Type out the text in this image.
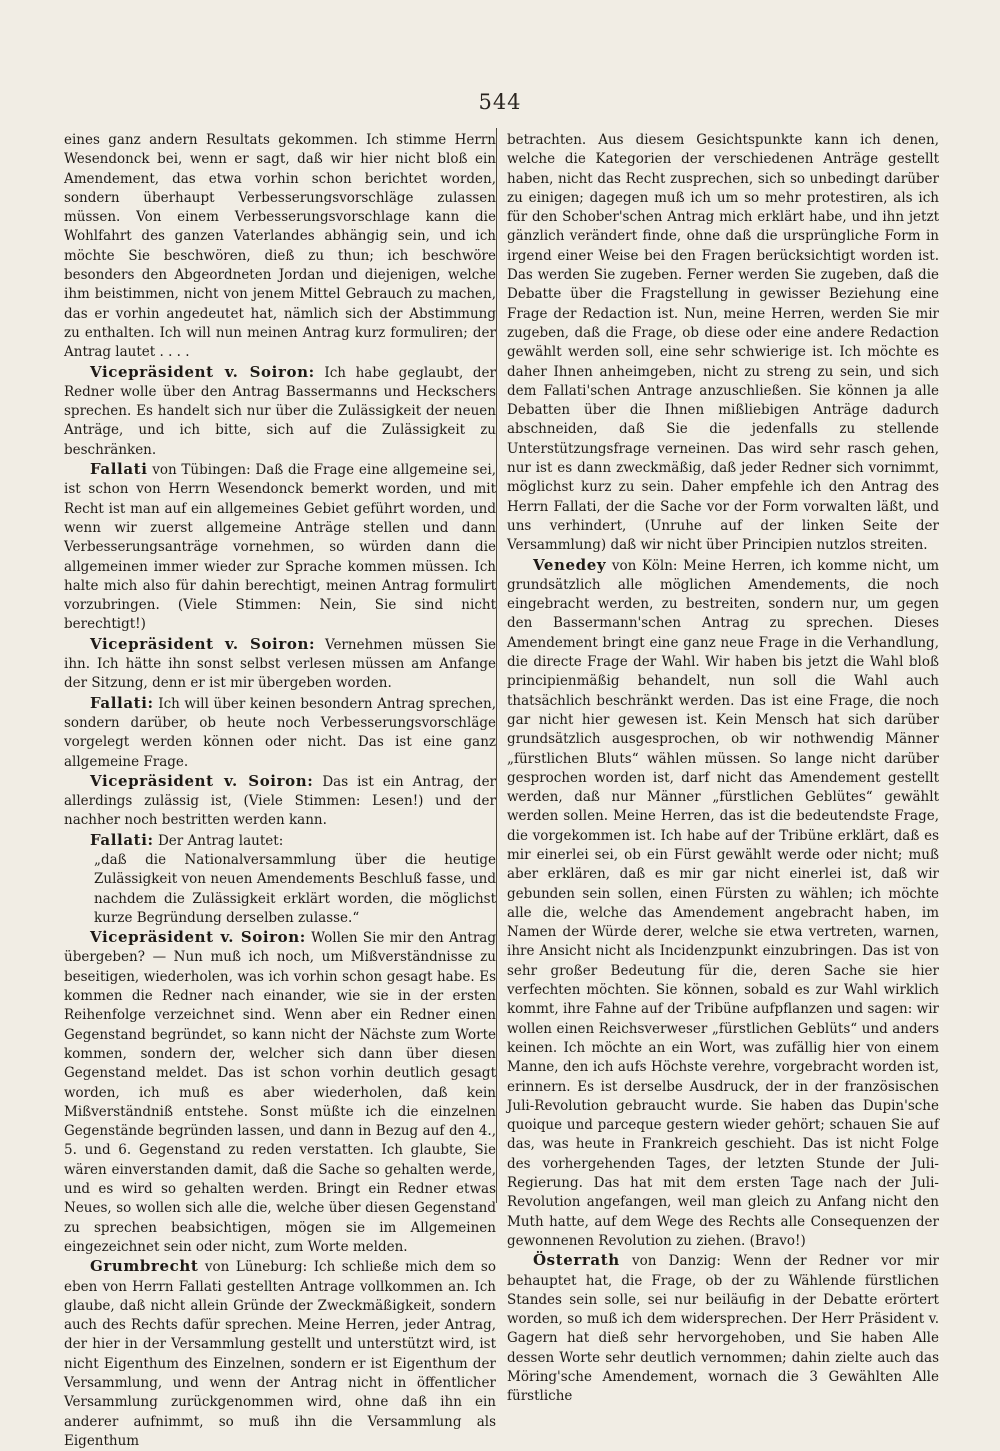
544

eines ganz andern Resultats gekommen. Ich stimme Herrn Wesendonck bei, wenn er sagt, daß wir hier nicht bloß ein Amendement, das etwa vorhin schon berichtet worden, sondern überhaupt Verbesserungsvorschläge zulassen müssen. Von einem Verbesserungsvorschlage kann die Wohlfahrt des ganzen Vaterlandes abhängig sein, und ich möchte Sie beschwören, dieß zu thun; ich beschwöre besonders den Abgeordneten Jordan und diejenigen, welche ihm beistimmen, nicht von jenem Mittel Gebrauch zu machen, das er vorhin angedeutet hat, nämlich sich der Abstimmung zu enthalten. Ich will nun meinen Antrag kurz formuliren; der Antrag lautet . . . .

Vicepräsident v. Soiron: Ich habe geglaubt, der Redner wolle über den Antrag Bassermanns und Heckschers sprechen. Es handelt sich nur über die Zulässigkeit der neuen Anträge, und ich bitte, sich auf die Zulässigkeit zu beschränken.

Fallati von Tübingen: Daß die Frage eine allgemeine sei, ist schon von Herrn Wesendonck bemerkt worden, und mit Recht ist man auf ein allgemeines Gebiet geführt worden, und wenn wir zuerst allgemeine Anträge stellen und dann Verbesserungsanträge vornehmen, so würden dann die allgemeinen immer wieder zur Sprache kommen müssen. Ich halte mich also für dahin berechtigt, meinen Antrag formulirt vorzubringen. (Viele Stimmen: Nein, Sie sind nicht berechtigt!)

Vicepräsident v. Soiron: Vernehmen müssen Sie ihn. Ich hätte ihn sonst selbst verlesen müssen am Anfange der Sitzung, denn er ist mir übergeben worden.

Fallati: Ich will über keinen besondern Antrag sprechen, sondern darüber, ob heute noch Verbesserungsvorschläge vorgelegt werden können oder nicht. Das ist eine ganz allgemeine Frage.

Vicepräsident v. Soiron: Das ist ein Antrag, der allerdings zulässig ist, (Viele Stimmen: Lesen!) und der nachher noch bestritten werden kann.

Fallati: Der Antrag lautet:

„daß die Nationalversammlung über die heutige Zulässigkeit von neuen Amendements Beschluß fasse, und nachdem die Zulässigkeit erklärt worden, die möglichst kurze Begründung derselben zulasse.“

Vicepräsident v. Soiron: Wollen Sie mir den Antrag übergeben? — Nun muß ich noch, um Mißverständnisse zu beseitigen, wiederholen, was ich vorhin schon gesagt habe. Es kommen die Redner nach einander, wie sie in der ersten Reihenfolge verzeichnet sind. Wenn aber ein Redner einen Gegenstand begründet, so kann nicht der Nächste zum Worte kommen, sondern der, welcher sich dann über diesen Gegenstand meldet. Das ist schon vorhin deutlich gesagt worden, ich muß es aber wiederholen, daß kein Mißverständniß entstehe. Sonst müßte ich die einzelnen Gegenstände begründen lassen, und dann in Bezug auf den 4., 5. und 6. Gegenstand zu reden verstatten. Ich glaubte, Sie wären einverstanden damit, daß die Sache so gehalten werde, und es wird so gehalten werden. Bringt ein Redner etwas Neues, so wollen sich alle die, welche über diesen Gegenstand zu sprechen beabsichtigen, mögen sie im Allgemeinen eingezeichnet sein oder nicht, zum Worte melden.

Grumbrecht von Lüneburg: Ich schließe mich dem so eben von Herrn Fallati gestellten Antrage vollkommen an. Ich glaube, daß nicht allein Gründe der Zweckmäßigkeit, sondern auch des Rechts dafür sprechen. Meine Herren, jeder Antrag, der hier in der Versammlung gestellt und unterstützt wird, ist nicht Eigenthum des Einzelnen, sondern er ist Eigenthum der Versammlung, und wenn der Antrag nicht in öffentlicher Versammlung zurückgenommen wird, ohne daß ihn ein anderer aufnimmt, so muß ihn die Versammlung als Eigenthum

betrachten. Aus diesem Gesichtspunkte kann ich denen, welche die Kategorien der verschiedenen Anträge gestellt haben, nicht das Recht zusprechen, sich so unbedingt darüber zu einigen; dagegen muß ich um so mehr protestiren, als ich für den Schober'schen Antrag mich erklärt habe, und ihn jetzt gänzlich verändert finde, ohne daß die ursprüngliche Form in irgend einer Weise bei den Fragen berücksichtigt worden ist. Das werden Sie zugeben. Ferner werden Sie zugeben, daß die Debatte über die Fragstellung in gewisser Beziehung eine Frage der Redaction ist. Nun, meine Herren, werden Sie mir zugeben, daß die Frage, ob diese oder eine andere Redaction gewählt werden soll, eine sehr schwierige ist. Ich möchte es daher Ihnen anheimgeben, nicht zu streng zu sein, und sich dem Fallati'schen Antrage anzuschließen. Sie können ja alle Debatten über die Ihnen mißliebigen Anträge dadurch abschneiden, daß Sie die jedenfalls zu stellende Unterstützungsfrage verneinen. Das wird sehr rasch gehen, nur ist es dann zweckmäßig, daß jeder Redner sich vornimmt, möglichst kurz zu sein. Daher empfehle ich den Antrag des Herrn Fallati, der die Sache vor der Form vorwalten läßt, und uns verhindert, (Unruhe auf der linken Seite der Versammlung) daß wir nicht über Principien nutzlos streiten.

Venedey von Köln: Meine Herren, ich komme nicht, um grundsätzlich alle möglichen Amendements, die noch eingebracht werden, zu bestreiten, sondern nur, um gegen den Bassermann'schen Antrag zu sprechen. Dieses Amendement bringt eine ganz neue Frage in die Verhandlung, die directe Frage der Wahl. Wir haben bis jetzt die Wahl bloß principienmäßig behandelt, nun soll die Wahl auch thatsächlich beschränkt werden. Das ist eine Frage, die noch gar nicht hier gewesen ist. Kein Mensch hat sich darüber grundsätzlich ausgesprochen, ob wir nothwendig Männer „fürstlichen Bluts“ wählen müssen. So lange nicht darüber gesprochen worden ist, darf nicht das Amendement gestellt werden, daß nur Männer „fürstlichen Geblütes“ gewählt werden sollen. Meine Herren, das ist die bedeutendste Frage, die vorgekommen ist. Ich habe auf der Tribüne erklärt, daß es mir einerlei sei, ob ein Fürst gewählt werde oder nicht; muß aber erklären, daß es mir gar nicht einerlei ist, daß wir gebunden sein sollen, einen Fürsten zu wählen; ich möchte alle die, welche das Amendement angebracht haben, im Namen der Würde derer, welche sie etwa vertreten, warnen, ihre Ansicht nicht als Incidenzpunkt einzubringen. Das ist von sehr großer Bedeutung für die, deren Sache sie hier verfechten möchten. Sie können, sobald es zur Wahl wirklich kommt, ihre Fahne auf der Tribüne aufpflanzen und sagen: wir wollen einen Reichsverweser „fürstlichen Geblüts“ und anders keinen. Ich möchte an ein Wort, was zufällig hier von einem Manne, den ich aufs Höchste verehre, vorgebracht worden ist, erinnern. Es ist derselbe Ausdruck, der in der französischen Juli-Revolution gebraucht wurde. Sie haben das Dupin'sche quoique und parceque gestern wieder gehört; schauen Sie auf das, was heute in Frankreich geschieht. Das ist nicht Folge des vorhergehenden Tages, der letzten Stunde der Juli-Regierung. Das hat mit dem ersten Tage nach der Juli-Revolution angefangen, weil man gleich zu Anfang nicht den Muth hatte, auf dem Wege des Rechts alle Consequenzen der gewonnenen Revolution zu ziehen. (Bravo!)

Österrath von Danzig: Wenn der Redner vor mir behauptet hat, die Frage, ob der zu Wählende fürstlichen Standes sein solle, sei nur beiläufig in der Debatte erörtert worden, so muß ich dem widersprechen. Der Herr Präsident v. Gagern hat dieß sehr hervorgehoben, und Sie haben Alle dessen Worte sehr deutlich vernommen; dahin zielte auch das Möring'sche Amendement, wornach die 3 Gewählten Alle fürstliche
